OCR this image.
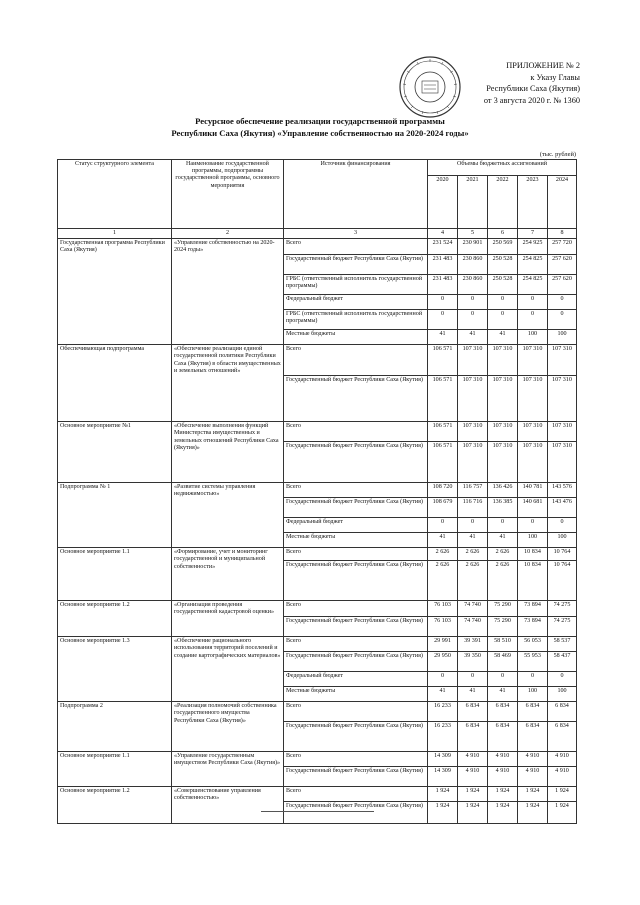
ПРИЛОЖЕНИЕ № 2
к Указу Главы
Республики Саха (Якутия)
от 3 августа 2020 г. № 1360
Ресурсное обеспечение реализации государственной программы
Республики Саха (Якутия) «Управление собственностью на 2020-2024 годы»
(тыс. рублей)
Статус структурного элемента	Наименование государственной программы, подпрограммы государственной программы, основного мероприятия	Источник финансирования	Объемы бюджетных ассигнований				
			2020	2021	2022	2023	2024
1	2	3	4	5	6	7	8
Государственная программа Республики Саха (Якутия)	«Управление собственностью на 2020-2024 годы»	Всего	231 524	230 901	250 569	254 925	257 720
		Государственный бюджет Республики Саха (Якутия)	231 483	230 860	250 528	254 825	257 620
		ГРБС (ответственный исполнитель государственной программы)	231 483	230 860	250 528	254 825	257 620
		Федеральный бюджет	0	0	0	0	0
		ГРБС (ответственный исполнитель государственной программы)	0	0	0	0	0
		Местные бюджеты	41	41	41	100	100
Обеспечивающая подпрограмма	«Обеспечение реализации единой государственной политики Республики Саха (Якутия) в области имущественных и земельных отношений»	Всего	106 571	107 310	107 310	107 310	107 310
		Государственный бюджет Республики Саха (Якутия)	106 571	107 310	107 310	107 310	107 310
Основное мероприятие №1	«Обеспечение выполнения функций Министерства имущественных и земельных отношений Республики Саха (Якутия)»	Всего	106 571	107 310	107 310	107 310	107 310
		Государственный бюджет Республики Саха (Якутия)	106 571	107 310	107 310	107 310	107 310
Подпрограмма № 1	«Развитие системы управления недвижимостью»	Всего	108 720	116 757	136 426	140 781	143 576
		Государственный бюджет Республики Саха (Якутия)	108 679	116 716	136 385	140 681	143 476
		Федеральный бюджет	0	0	0	0	0
		Местные бюджеты	41	41	41	100	100
Основное мероприятие 1.1	«Формирование, учет и мониторинг государственной и муниципальной собственности»	Всего	2 626	2 626	2 626	10 834	10 764
		Государственный бюджет Республики Саха (Якутия)	2 626	2 626	2 626	10 834	10 764
Основное мероприятие 1.2	«Организация проведения государственной кадастровой оценки»	Всего	76 103	74 740	75 290	73 894	74 275
		Государственный бюджет Республики Саха (Якутия)	76 103	74 740	75 290	73 894	74 275
Основное мероприятие 1.3	«Обеспечение рационального использования территорий поселений и создание картографических материалов»	Всего	29 991	39 391	58 510	56 053	58 537
		Государственный бюджет Республики Саха (Якутия)	29 950	39 350	58 469	55 953	58 437
		Федеральный бюджет	0	0	0	0	0
		Местные бюджеты	41	41	41	100	100
Подпрограмма 2	«Реализация полномочий собственника государственного имущества Республики Саха (Якутия)»	Всего	16 233	6 834	6 834	6 834	6 834
		Государственный бюджет Республики Саха (Якутия)	16 233	6 834	6 834	6 834	6 834
Основное мероприятие 1.1	«Управление государственным имуществом Республики Саха (Якутия)»	Всего	14 309	4 910	4 910	4 910	4 910
		Государственный бюджет Республики Саха (Якутия)	14 309	4 910	4 910	4 910	4 910
Основное мероприятие 1.2	«Совершенствование управления собственностью»	Всего	1 924	1 924	1 924	1 924	1 924
		Государственный бюджет Республики Саха (Якутия)	1 924	1 924	1 924	1 924	1 924
